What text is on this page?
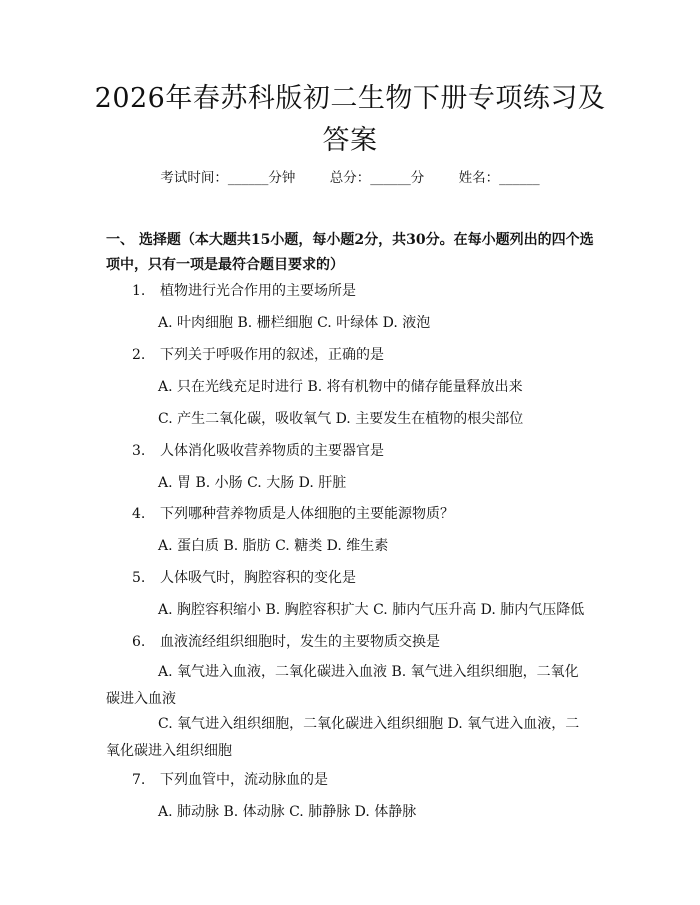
2026年春苏科版初二生物下册专项练习及答案
考试时间：______分钟	总分：______分	姓名：______
一、 选择题（本大题共15小题，每小题2分，共30分。在每小题列出的四个选项中，只有一项是最符合题目要求的）
1. 植物进行光合作用的主要场所是
A. 叶肉细胞 B. 栅栏细胞 C. 叶绿体 D. 液泡
2. 下列关于呼吸作用的叙述，正确的是
A. 只在光线充足时进行 B. 将有机物中的储存能量释放出来
C. 产生二氧化碳，吸收氧气 D. 主要发生在植物的根尖部位
3. 人体消化吸收营养物质的主要器官是
A. 胃 B. 小肠 C. 大肠 D. 肝脏
4. 下列哪种营养物质是人体细胞的主要能源物质？
A. 蛋白质 B. 脂肪 C. 糖类 D. 维生素
5. 人体吸气时，胸腔容积的变化是
A. 胸腔容积缩小 B. 胸腔容积扩大 C. 肺内气压升高 D. 肺内气压降低
6. 血液流经组织细胞时，发生的主要物质交换是
A. 氧气进入血液，二氧化碳进入血液 B. 氧气进入组织细胞，二氧化碳进入血液
C. 氧气进入组织细胞，二氧化碳进入组织细胞 D. 氧气进入血液，二氧化碳进入组织细胞
7. 下列血管中，流动脉血的是
A. 肺动脉 B. 体动脉 C. 肺静脉 D. 体静脉
